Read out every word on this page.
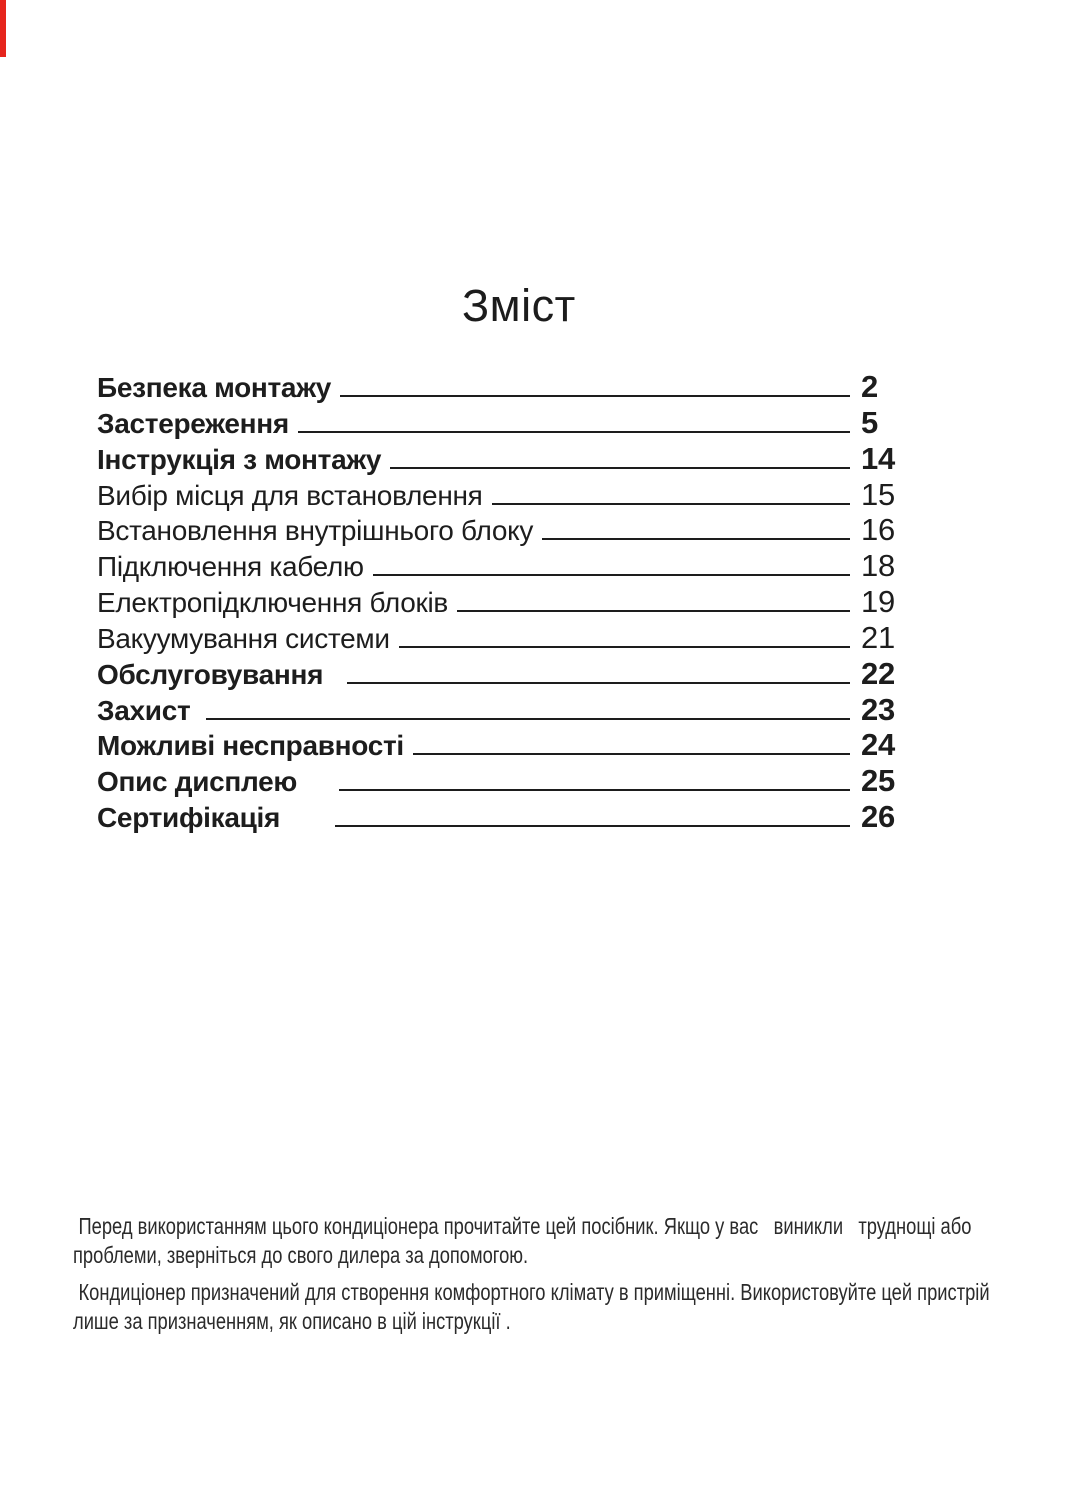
Зміст
Безпека монтажу	2
Застереження	5
Інструкція з монтажу	14
Вибір місця для встановлення	15
Встановлення внутрішнього блоку	16
Підключення кабелю	18
Електропідключення блоків	19
Вакуумування системи	21
Обслуговування	22
Захист	23
Можливі несправності	24
Опис дисплею	25
Сертифікація	26
Перед використанням цього кондиціонера прочитайте цей посібник. Якщо у вас   виникли   труднощі або
проблеми, зверніться до свого дилера за допомогою.
Кондиціонер призначений для створення комфортного клімату в приміщенні. Використовуйте цей пристрій
лише за призначенням, як описано в цій інструкції .
